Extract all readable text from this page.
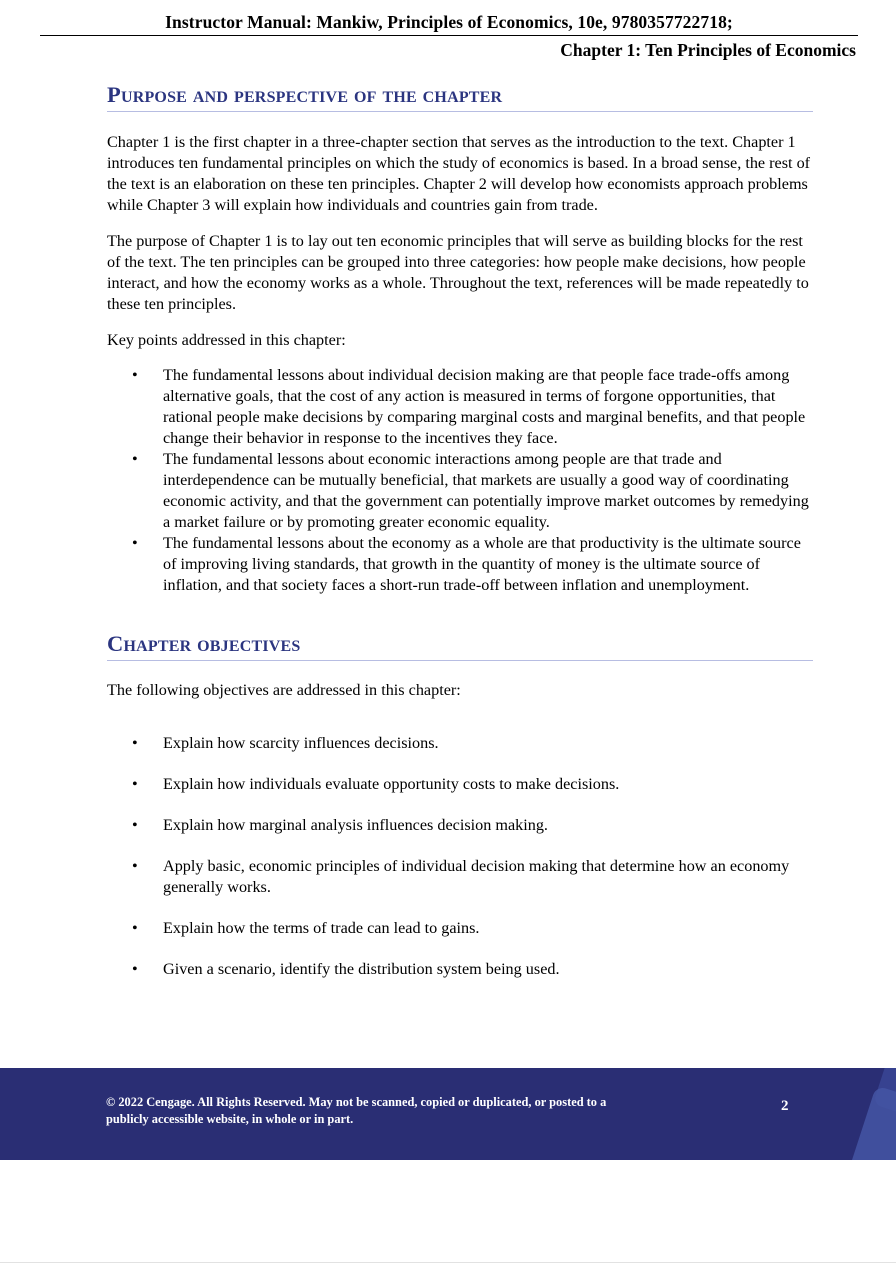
Instructor Manual: Mankiw, Principles of Economics, 10e, 9780357722718;
Chapter 1: Ten Principles of Economics
Purpose and perspective of the chapter

Chapter 1 is the first chapter in a three-chapter section that serves as the introduction to the text. Chapter 1 introduces ten fundamental principles on which the study of economics is based. In a broad sense, the rest of the text is an elaboration on these ten principles. Chapter 2 will develop how economists approach problems while Chapter 3 will explain how individuals and countries gain from trade.

The purpose of Chapter 1 is to lay out ten economic principles that will serve as building blocks for the rest of the text. The ten principles can be grouped into three categories: how people make decisions, how people interact, and how the economy works as a whole. Throughout the text, references will be made repeatedly to these ten principles.

Key points addressed in this chapter:

• The fundamental lessons about individual decision making are that people face trade-offs among alternative goals, that the cost of any action is measured in terms of forgone opportunities, that rational people make decisions by comparing marginal costs and marginal benefits, and that people change their behavior in response to the incentives they face.
• The fundamental lessons about economic interactions among people are that trade and interdependence can be mutually beneficial, that markets are usually a good way of coordinating economic activity, and that the government can potentially improve market outcomes by remedying a market failure or by promoting greater economic equality.
• The fundamental lessons about the economy as a whole are that productivity is the ultimate source of improving living standards, that growth in the quantity of money is the ultimate source of inflation, and that society faces a short-run trade-off between inflation and unemployment.
Chapter objectives

The following objectives are addressed in this chapter:

• Explain how scarcity influences decisions.
• Explain how individuals evaluate opportunity costs to make decisions.
• Explain how marginal analysis influences decision making.
• Apply basic, economic principles of individual decision making that determine how an economy generally works.
• Explain how the terms of trade can lead to gains.
• Given a scenario, identify the distribution system being used.
© 2022 Cengage. All Rights Reserved. May not be scanned, copied or duplicated, or posted to a publicly accessible website, in whole or in part.
2
